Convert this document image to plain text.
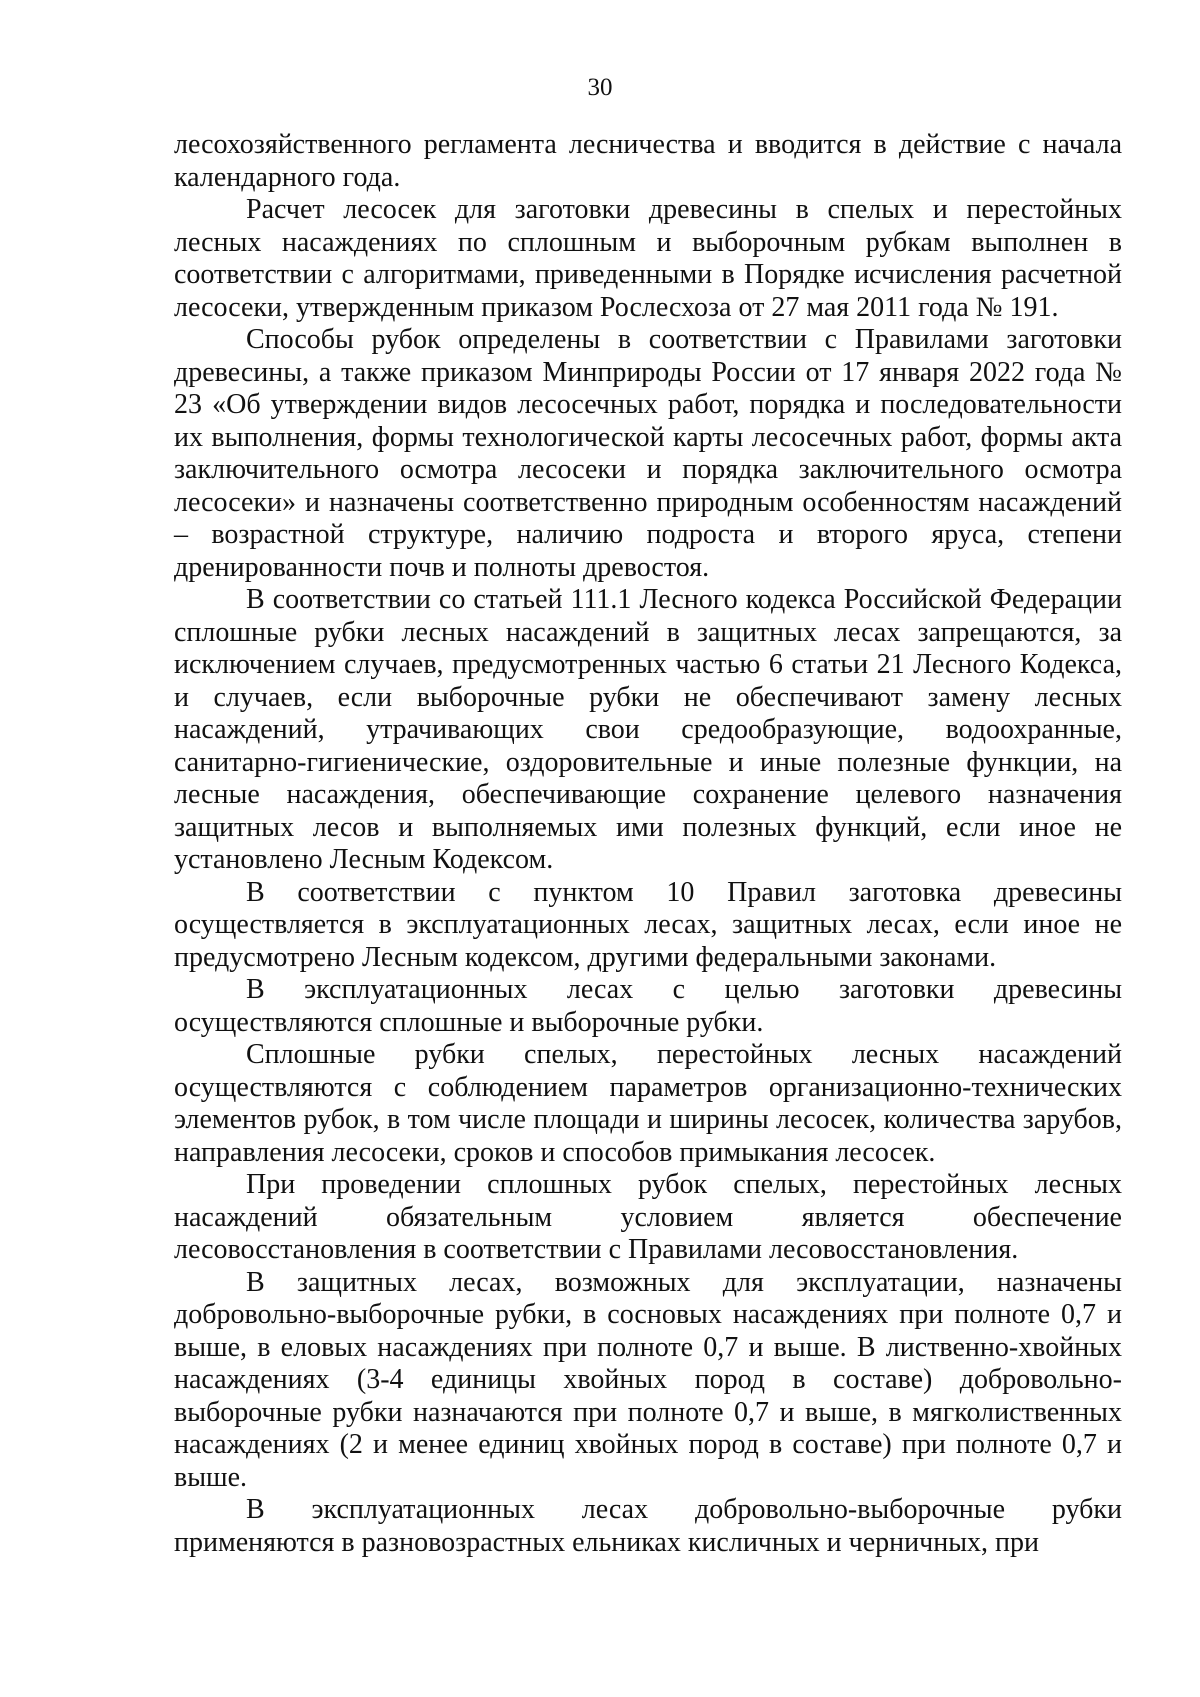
30

лесохозяйственного регламента лесничества и вводится в действие с начала календарного года.

Расчет лесосек для заготовки древесины в спелых и перестойных лесных насаждениях по сплошным и выборочным рубкам выполнен в соответствии с алгоритмами, приведенными в Порядке исчисления расчетной лесосеки, утвержденным приказом Рослесхоза от 27 мая 2011 года № 191.

Способы рубок определены в соответствии с Правилами заготовки древесины, а также приказом Минприроды России от 17 января 2022 года № 23 «Об утверждении видов лесосечных работ, порядка и последовательности их выполнения, формы технологической карты лесосечных работ, формы акта заключительного осмотра лесосеки и порядка заключительного осмотра лесосеки» и назначены соответственно природным особенностям насаждений – возрастной структуре, наличию подроста и второго яруса, степени дренированности почв и полноты древостоя.

В соответствии со статьей 111.1 Лесного кодекса Российской Федерации сплошные рубки лесных насаждений в защитных лесах запрещаются, за исключением случаев, предусмотренных частью 6 статьи 21 Лесного Кодекса, и случаев, если выборочные рубки не обеспечивают замену лесных насаждений, утрачивающих свои средообразующие, водоохранные, санитарно-гигиенические, оздоровительные и иные полезные функции, на лесные насаждения, обеспечивающие сохранение целевого назначения защитных лесов и выполняемых ими полезных функций, если иное не установлено Лесным Кодексом.

В соответствии с пунктом 10 Правил заготовка древесины осуществляется в эксплуатационных лесах, защитных лесах, если иное не предусмотрено Лесным кодексом, другими федеральными законами.

В эксплуатационных лесах с целью заготовки древесины осуществляются сплошные и выборочные рубки.

Сплошные рубки спелых, перестойных лесных насаждений осуществляются с соблюдением параметров организационно-технических элементов рубок, в том числе площади и ширины лесосек, количества зарубов, направления лесосеки, сроков и способов примыкания лесосек.

При проведении сплошных рубок спелых, перестойных лесных насаждений обязательным условием является обеспечение лесовосстановления в соответствии с Правилами лесовосстановления.

В защитных лесах, возможных для эксплуатации, назначены добровольно-выборочные рубки, в сосновых насаждениях при полноте 0,7 и выше, в еловых насаждениях при полноте 0,7 и выше. В лиственно-хвойных насаждениях (3-4 единицы хвойных пород в составе) добровольно-выборочные рубки назначаются при полноте 0,7 и выше, в мягколиственных насаждениях (2 и менее единиц хвойных пород в составе) при полноте 0,7 и выше.

В эксплуатационных лесах добровольно-выборочные рубки применяются в разновозрастных ельниках кисличных и черничных, при
